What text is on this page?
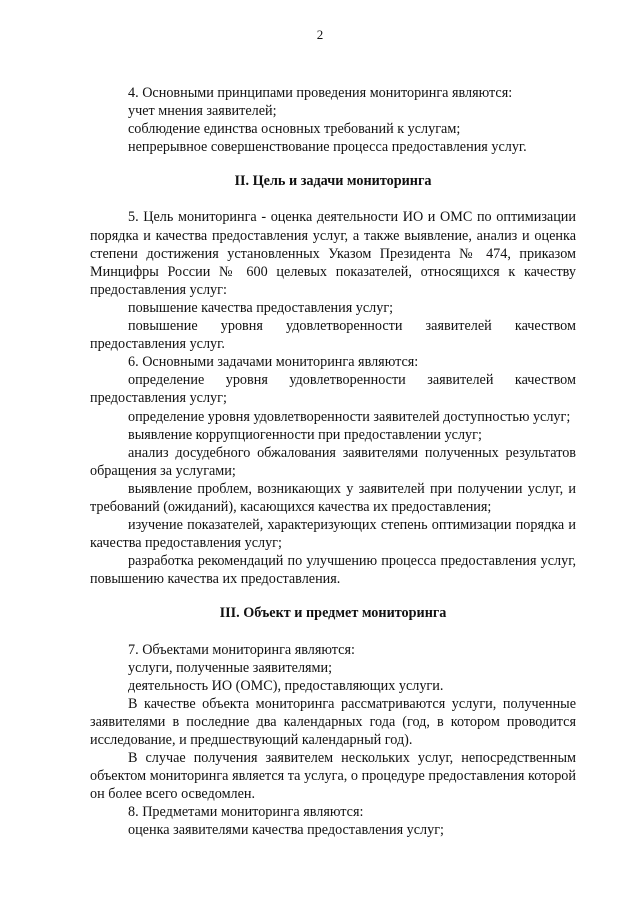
2

4. Основными принципами проведения мониторинга являются:

учет мнения заявителей;

соблюдение единства основных требований к услугам;

непрерывное совершенствование процесса предоставления услуг.

II. Цель и задачи мониторинга

5. Цель мониторинга - оценка деятельности ИО и ОМС по оптимизации порядка и качества предоставления услуг, а также выявление, анализ и оценка степени достижения установленных Указом Президента № 474, приказом Минцифры России № 600 целевых показателей, относящихся к качеству предоставления услуг:

повышение качества предоставления услуг;

повышение уровня удовлетворенности заявителей качеством предоставления услуг.

6. Основными задачами мониторинга являются:

определение уровня удовлетворенности заявителей качеством предоставления услуг;

определение уровня удовлетворенности заявителей доступностью услуг;

выявление коррупциогенности при предоставлении услуг;

анализ досудебного обжалования заявителями полученных результатов обращения за услугами;

выявление проблем, возникающих у заявителей при получении услуг, и требований (ожиданий), касающихся качества их предоставления;

изучение показателей, характеризующих степень оптимизации порядка и качества предоставления услуг;

разработка рекомендаций по улучшению процесса предоставления услуг, повышению качества их предоставления.

III. Объект и предмет мониторинга

7. Объектами мониторинга являются:

услуги, полученные заявителями;

деятельность ИО (ОМС), предоставляющих услуги.

В качестве объекта мониторинга рассматриваются услуги, полученные заявителями в последние два календарных года (год, в котором проводится исследование, и предшествующий календарный год).

В случае получения заявителем нескольких услуг, непосредственным объектом мониторинга является та услуга, о процедуре предоставления которой он более всего осведомлен.

8. Предметами мониторинга являются:

оценка заявителями качества предоставления услуг;
